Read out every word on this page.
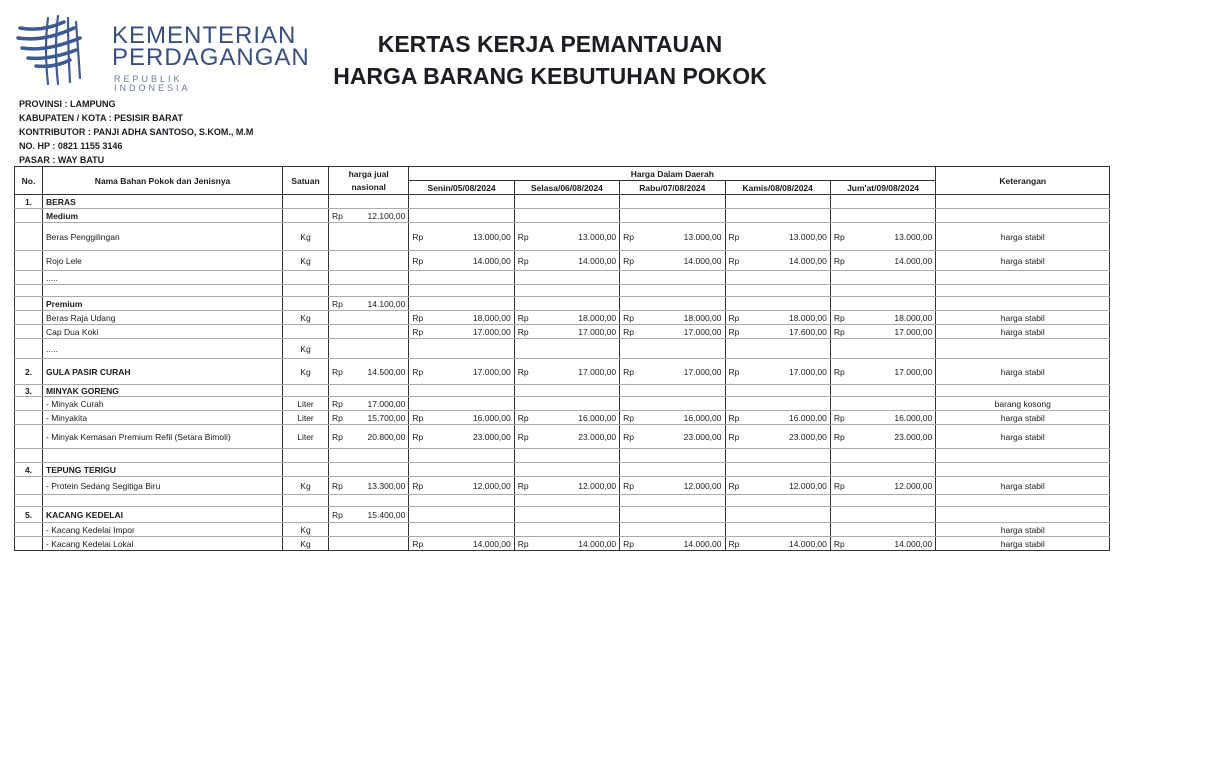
KEMENTERIAN
PERDAGANGAN
REPUBLIK INDONESIA
KERTAS KERJA PEMANTAUAN
HARGA BARANG KEBUTUHAN POKOK
PROVINSI : LAMPUNG
KABUPATEN / KOTA : PESISIR BARAT
KONTRIBUTOR : PANJI ADHA SANTOSO, S.KOM., M.M
NO. HP : 0821 1155 3146
PASAR : WAY BATU
No.	Nama Bahan Pokok dan Jenisnya	Satuan	harga jual		Harga Dalam Daerah										Keterangan
			nasional		Senin/05/08/2024		Selasa/06/08/2024		Rabu/07/08/2024		Kamis/08/08/2024		Jum'at/09/08/2024		
1.	BERAS														
	Medium		Rp	12.100,00											
	Beras Penggilingan	Kg			Rp	13.000,00	Rp	13.000,00	Rp	13.000,00	Rp	13.000,00	Rp	13.000,00	harga stabil
	Rojo Lele	Kg			Rp	14.000,00	Rp	14.000,00	Rp	14.000,00	Rp	14.000,00	Rp	14.000,00	harga stabil
	.....														

	Premium		Rp	14.100,00											
	Beras Raja Udang	Kg			Rp	18.000,00	Rp	18.000,00	Rp	18.000,00	Rp	18.000,00	Rp	18.000,00	harga stabil
	Cap Dua Koki				Rp	17.000,00	Rp	17.000,00	Rp	17.000,00	Rp	17.600,00	Rp	17.000,00	harga stabil
	.....	Kg													
2.	GULA PASIR CURAH	Kg	Rp	14.500,00	Rp	17.000,00	Rp	17.000,00	Rp	17.000,00	Rp	17.000,00	Rp	17.000,00	harga stabil
3.	MINYAK GORENG														
	- Minyak Curah	Liter	Rp	17.000,00											barang kosong
	- Minyakita	Liter	Rp	15.700,00	Rp	16.000,00	Rp	16.000,00	Rp	16.000,00	Rp	16.000,00	Rp	16.000,00	harga stabil
	- Minyak Kemasan Premium Refil (Setara Bimoli)	Liter	Rp	20.800,00	Rp	23.000,00	Rp	23.000,00	Rp	23.000,00	Rp	23.000,00	Rp	23.000,00	harga stabil

4.	TEPUNG TERIGU														
	- Protein Sedang Segitiga Biru	Kg	Rp	13.300,00	Rp	12.000,00	Rp	12.000,00	Rp	12.000,00	Rp	12.000,00	Rp	12.000,00	harga stabil

5.	KACANG KEDELAI		Rp	15.400,00											
	- Kacang Kedelai Impor	Kg													harga stabil
	- Kacang Kedelai Lokal	Kg			Rp	14.000,00	Rp	14.000,00	Rp	14.000,00	Rp	14.000,00	Rp	14.000,00	harga stabil
